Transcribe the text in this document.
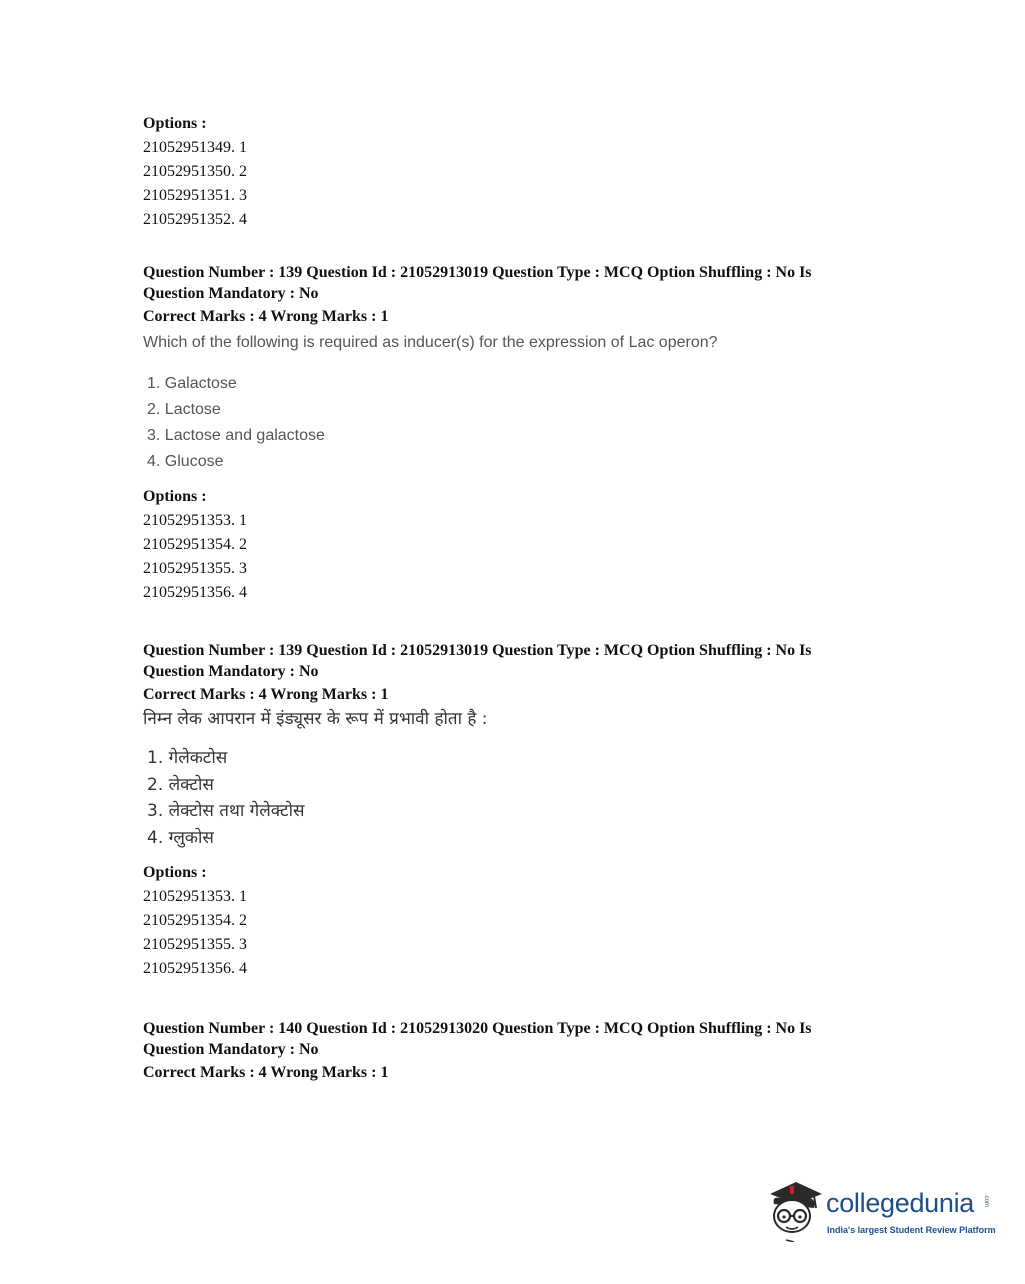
Options :

21052951349. 1

21052951350. 2

21052951351. 3

21052951352. 4

Question Number : 139 Question Id : 21052913019 Question Type : MCQ Option Shuffling : No Is

Question Mandatory : No

Correct Marks : 4 Wrong Marks : 1

Which of the following is required as inducer(s) for the expression of Lac operon?

1. Galactose
2. Lactose
3. Lactose and galactose
4. Glucose

Options :

21052951353. 1

21052951354. 2

21052951355. 3

21052951356. 4

Question Number : 139 Question Id : 21052913019 Question Type : MCQ Option Shuffling : No Is

Question Mandatory : No

Correct Marks : 4 Wrong Marks : 1

निम्न लेक आपरान में इंड्यूसर के रूप में प्रभावी होता है :

1. गेलेकटोस
2. लेक्टोस
3. लेक्टोस तथा गेलेक्टोस
4. ग्लुकोस

Options :

21052951353. 1

21052951354. 2

21052951355. 3

21052951356. 4

Question Number : 140 Question Id : 21052913020 Question Type : MCQ Option Shuffling : No Is

Question Mandatory : No

Correct Marks : 4 Wrong Marks : 1

collegedunia .com
India's largest Student Review Platform
